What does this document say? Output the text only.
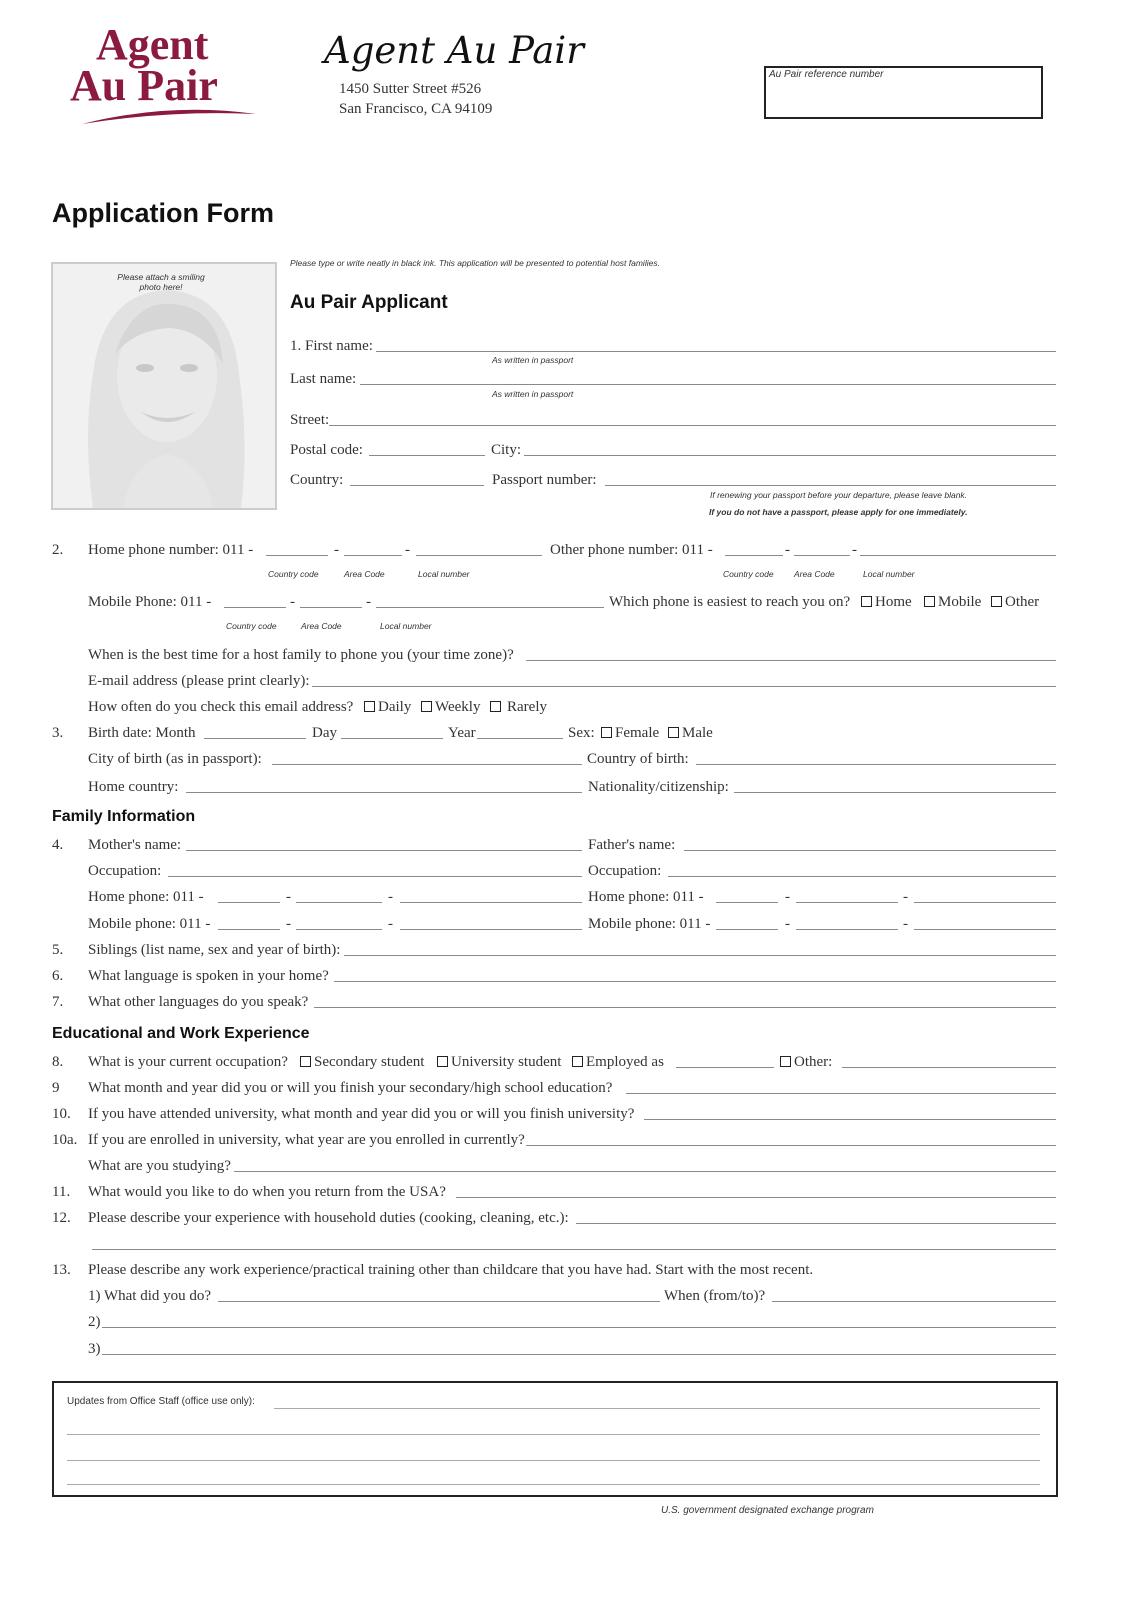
Agent
Au Pair
Agent Au Pair
1450 Sutter Street #526
San Francisco, CA 94109
Au Pair reference number
Application Form
Please attach a smiling photo here!
Please type or write neatly in black ink. This application will be presented to potential host families.
Au Pair Applicant
1. First name:
As written in passport
Last name:
As written in passport
Street:
Postal code:	City:
Country:	Passport number:
If renewing your passport before your departure, please leave blank.
If you do not have a passport, please apply for one immediately.
2. Home phone number: 011 -	-	-	Other phone number: 011 -	-	-
Country code	Area Code	Local number	Country code Area Code	Local number
Mobile Phone: 011 -	-	-	Which phone is easiest to reach you on?	Home	Mobile	Other
Country code	Area Code	Local number
When is the best time for a host family to phone you (your time zone)?
E-mail address (please print clearly):
How often do you check this email address?	Daily	Weekly	Rarely
3. Birth date: Month	Day	Year	Sex:	Female	Male
City of birth (as in passport):	Country of birth:
Home country:	Nationality/citizenship:
Family Information
4. Mother's name:	Father's name:
Occupation:	Occupation:
Home phone: 011 -	-	-	Home phone: 011 -	-	-
Mobile phone: 011 -	-	-	Mobile phone: 011 -	-	-
5. Siblings (list name, sex and year of birth):
6. What language is spoken in your home?
7. What other languages do you speak?
Educational and Work Experience
8. What is your current occupation?	Secondary student	University student	Employed as	Other:
9 What month and year did you or will you finish your secondary/high school education?
10. If you have attended university, what month and year did you or will you finish university?
10a. If you are enrolled in university, what year are you enrolled in currently?
What are you studying?
11. What would you like to do when you return from the USA?
12. Please describe your experience with household duties (cooking, cleaning, etc.):
13. Please describe any work experience/practical training other than childcare that you have had. Start with the most recent.
1) What did you do?	When (from/to)?
2)
3)
Updates from Office Staff (office use only):
U.S. government designated exchange program
